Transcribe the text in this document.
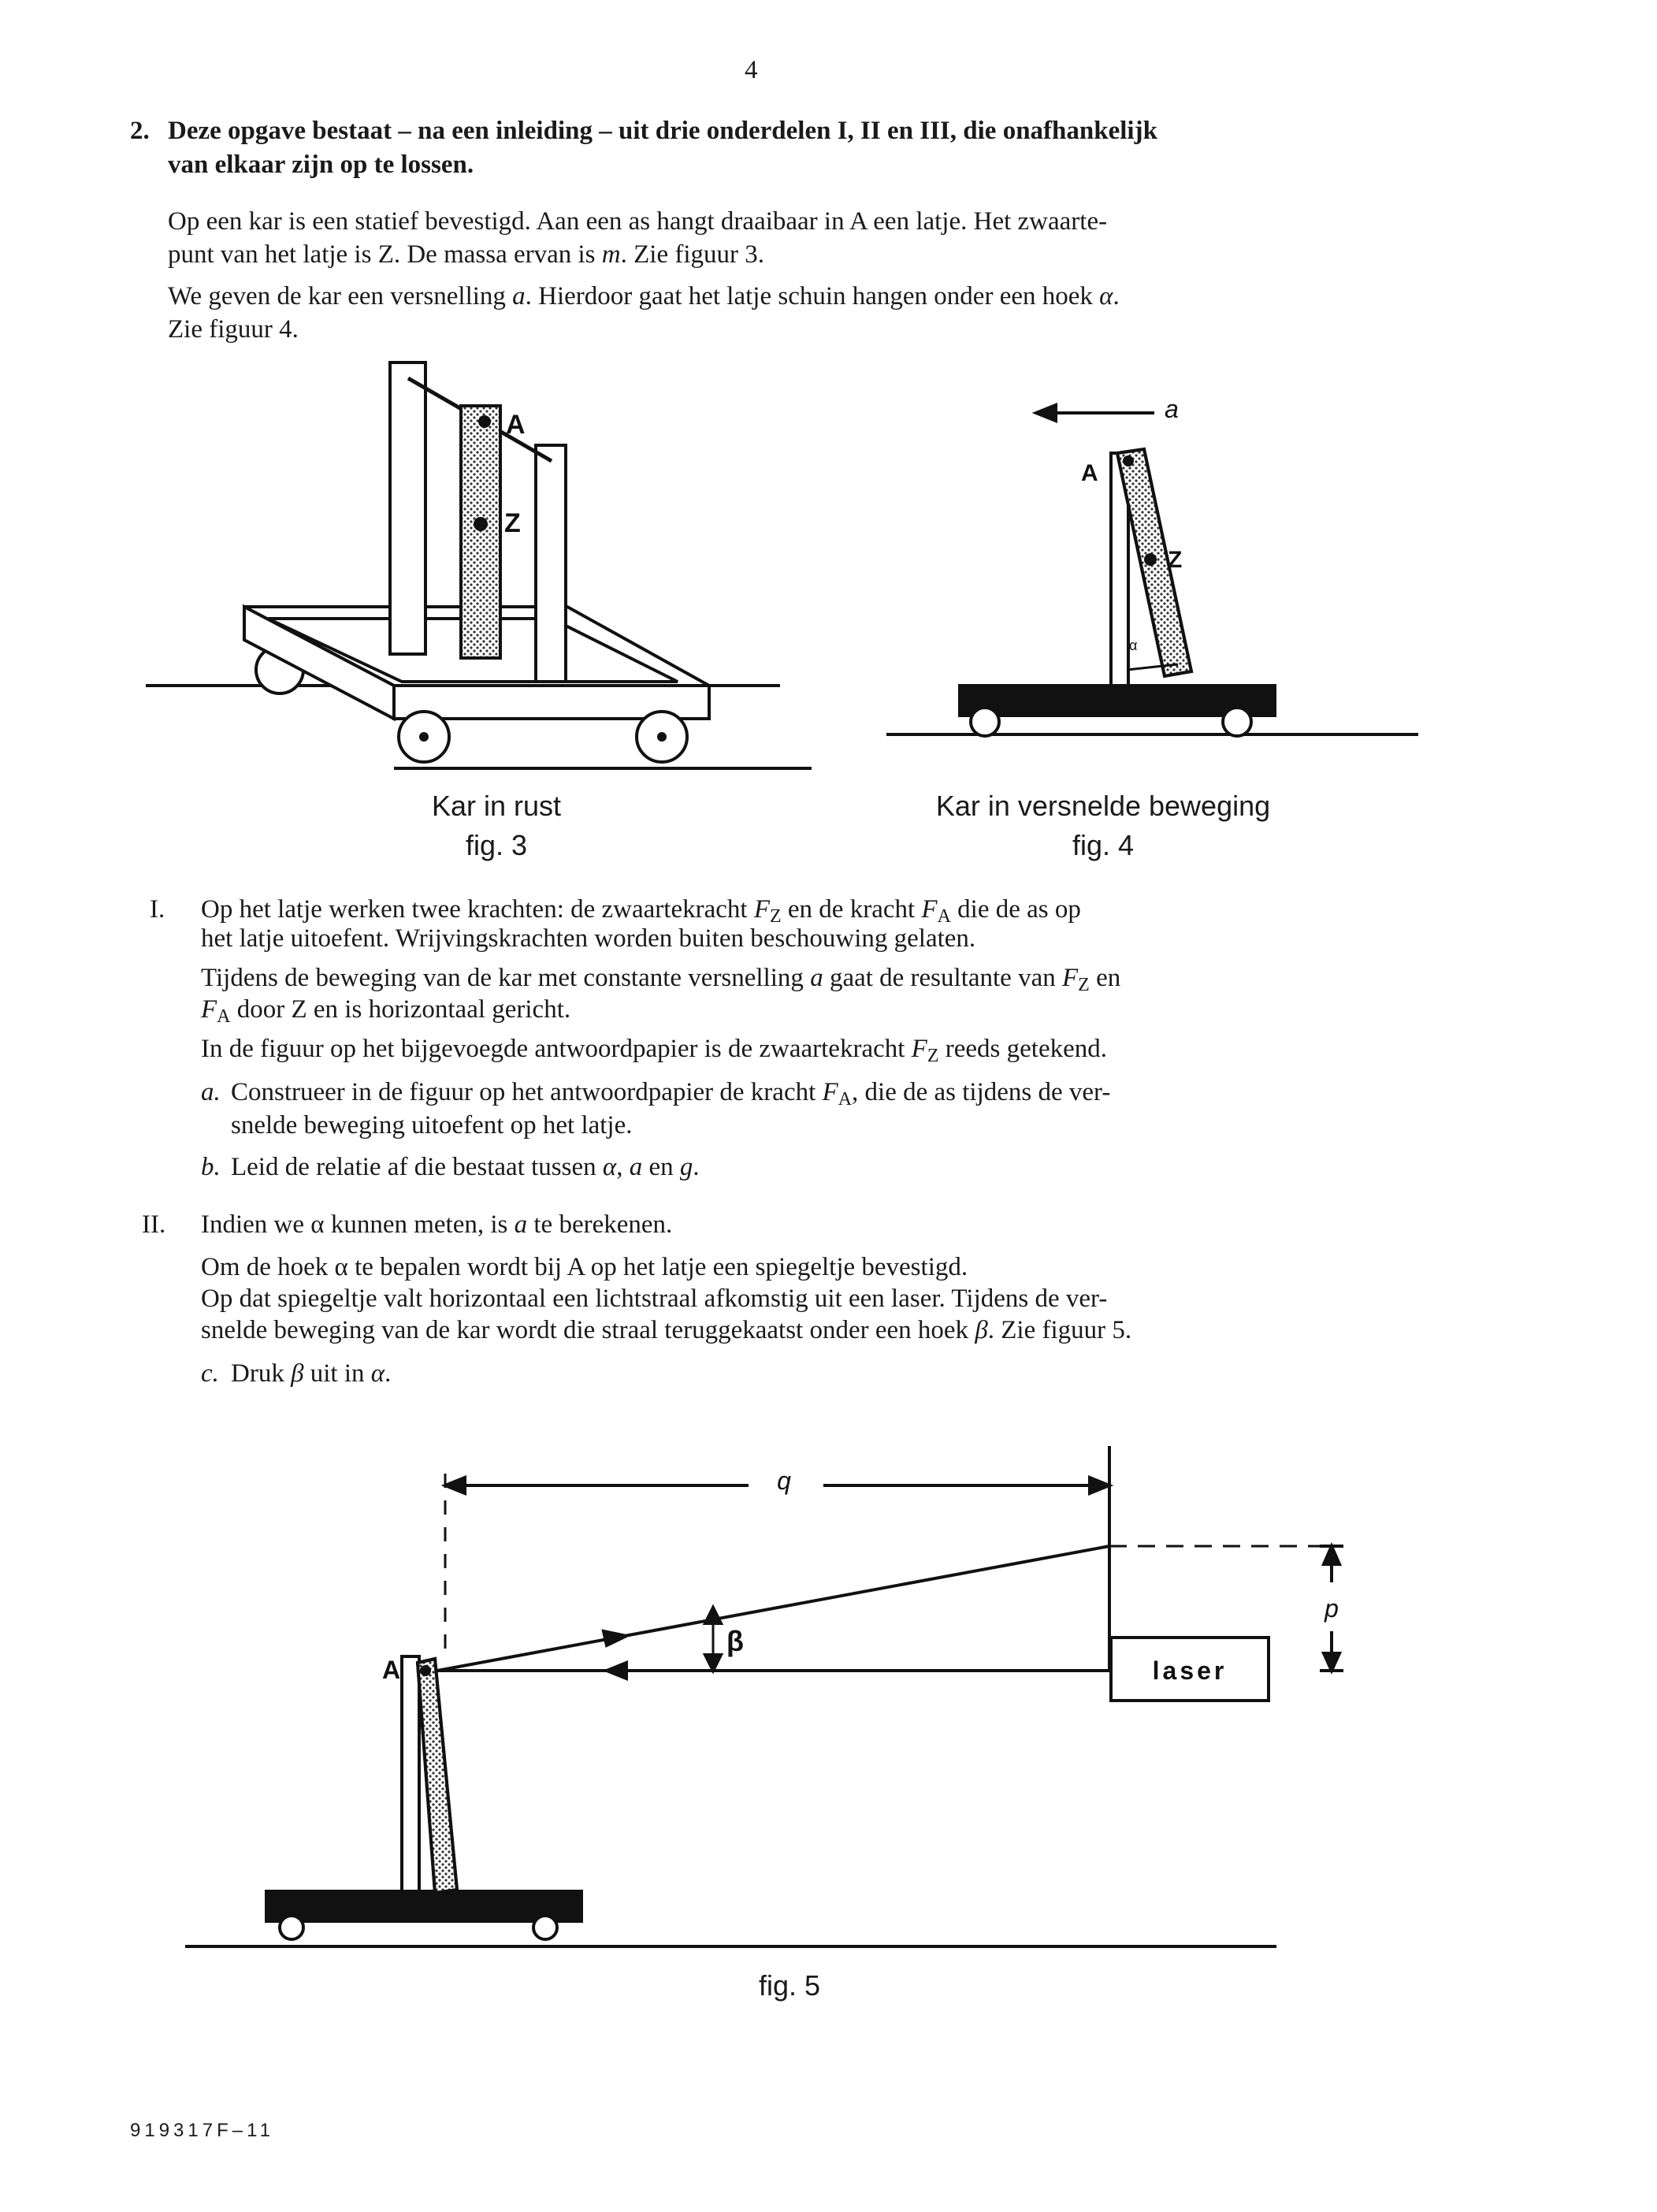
4
2. Deze opgave bestaat – na een inleiding – uit drie onderdelen I, II en III, die onafhankelijk
van elkaar zijn op te lossen.
Op een kar is een statief bevestigd. Aan een as hangt draaibaar in A een latje. Het zwaarte-
punt van het latje is Z. De massa ervan is m. Zie figuur 3.
We geven de kar een versnelling a. Hierdoor gaat het latje schuin hangen onder een hoek α.
Zie figuur 4.
A
Z
a
A
Z
α
Kar in rust
fig. 3
Kar in versnelde beweging
fig. 4
I. Op het latje werken twee krachten: de zwaartekracht $F_Z$ en de kracht $F_A$ die de as op
het latje uitoefent. Wrijvingskrachten worden buiten beschouwing gelaten.
Tijdens de beweging van de kar met constante versnelling a gaat de resultante van $F_Z$ en
$F_A$ door Z en is horizontaal gericht.
In de figuur op het bijgevoegde antwoordpapier is de zwaartekracht $F_Z$ reeds getekend.
a. Construeer in de figuur op het antwoordpapier de kracht $F_A$, die de as tijdens de ver-
snelde beweging uitoefent op het latje.
b. Leid de relatie af die bestaat tussen α, a en g.
II. Indien we α kunnen meten, is a te berekenen.
Om de hoek α te bepalen wordt bij A op het latje een spiegeltje bevestigd.
Op dat spiegeltje valt horizontaal een lichtstraal afkomstig uit een laser. Tijdens de ver-
snelde beweging van de kar wordt die straal teruggekaatst onder een hoek β. Zie figuur 5.
c. Druk β uit in α.
A
q
p
β
laser
fig. 5
919317F–11
